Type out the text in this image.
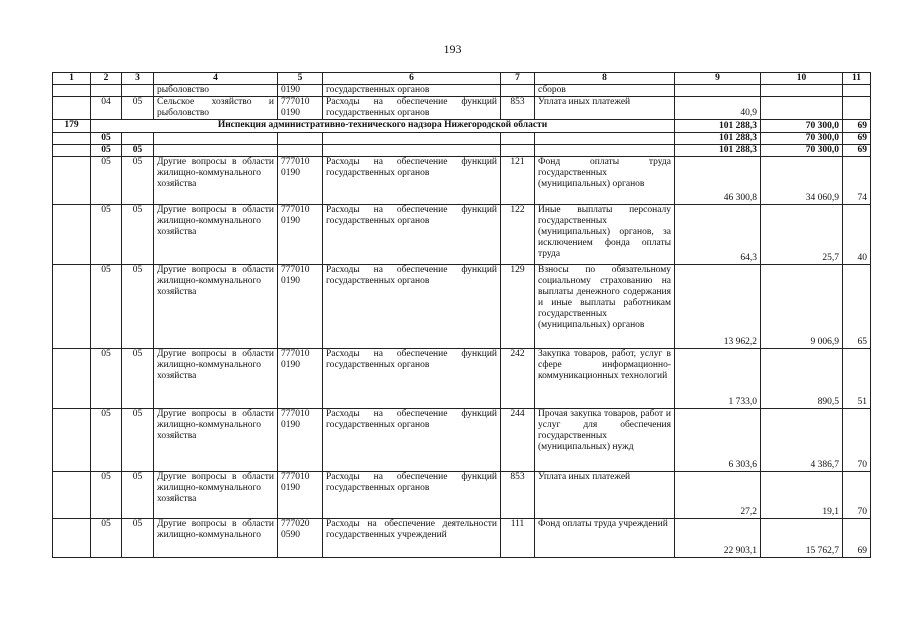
193
1	2	3	4	5	6	7	8	9	10	11
			рыболовство	0190	государственных органов		сборов			
	04	05	Сельское хозяйство и рыболовство	777010 0190	Расходы на обеспечение функций государственных органов	853	Уплата иных платежей	40,9		
179	Инспекция административно-технического надзора Нижегородской области							101 288,3	70 300,0	69
	05							101 288,3	70 300,0	69
	05	05						101 288,3	70 300,0	69
	05	05	Другие вопросы в области жилищно-коммунального хозяйства	777010 0190	Расходы на обеспечение функций государственных органов	121	Фонд оплаты труда государственных (муниципальных) органов	46 300,8	34 060,9	74
	05	05	Другие вопросы в области жилищно-коммунального хозяйства	777010 0190	Расходы на обеспечение функций государственных органов	122	Иные выплаты персоналу государственных (муниципальных) органов, за исключением фонда оплаты труда	64,3	25,7	40
	05	05	Другие вопросы в области жилищно-коммунального хозяйства	777010 0190	Расходы на обеспечение функций государственных органов	129	Взносы по обязательному социальному страхованию на выплаты денежного содержания и иные выплаты работникам государственных (муниципальных) органов	13 962,2	9 006,9	65
	05	05	Другие вопросы в области жилищно-коммунального хозяйства	777010 0190	Расходы на обеспечение функций государственных органов	242	Закупка товаров, работ, услуг в сфере информационно-коммуникационных технологий	1 733,0	890,5	51
	05	05	Другие вопросы в области жилищно-коммунального хозяйства	777010 0190	Расходы на обеспечение функций государственных органов	244	Прочая закупка товаров, работ и услуг для обеспечения государственных (муниципальных) нужд	6 303,6	4 386,7	70
	05	05	Другие вопросы в области жилищно-коммунального хозяйства	777010 0190	Расходы на обеспечение функций государственных органов	853	Уплата иных платежей	27,2	19,1	70
	05	05	Другие вопросы в области жилищно-коммунального	777020 0590	Расходы на обеспечение деятельности государственных учреждений	111	Фонд оплаты труда учреждений	22 903,1	15 762,7	69
